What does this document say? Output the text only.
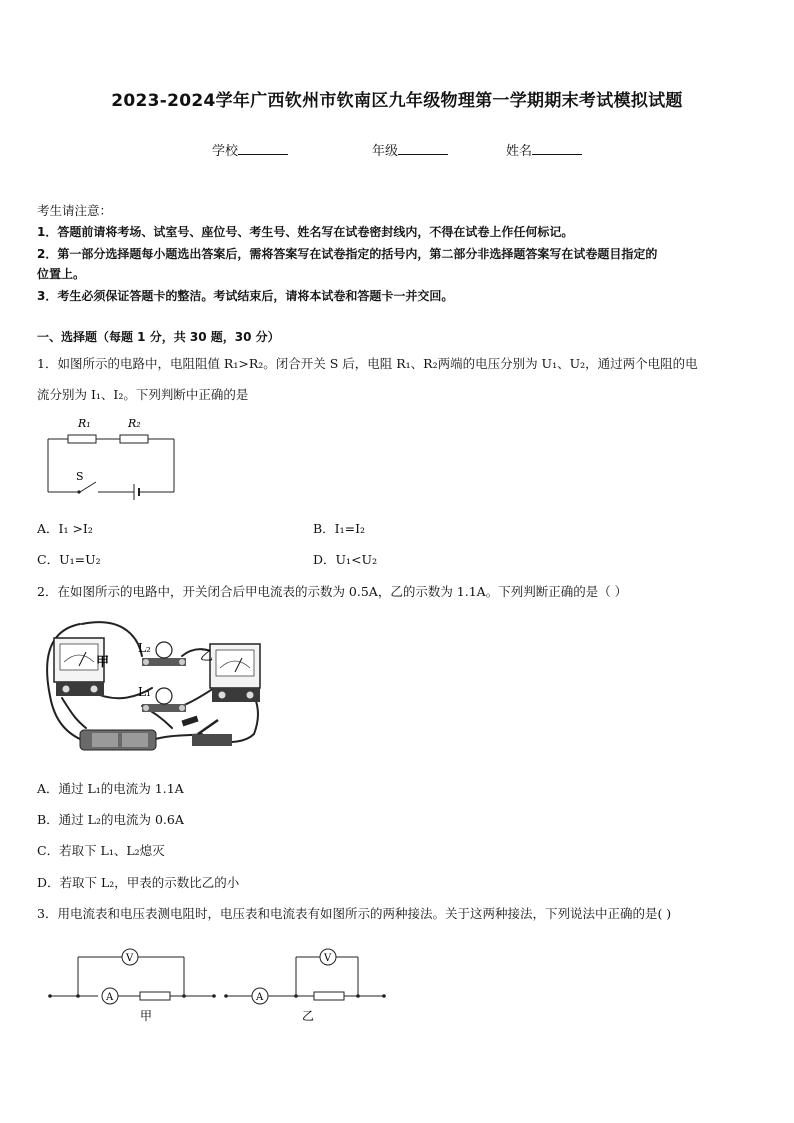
2023-2024学年广西钦州市钦南区九年级物理第一学期期末考试模拟试题
学校	年级	姓名
考生请注意：
1．答题前请将考场、试室号、座位号、考生号、姓名写在试卷密封线内，不得在试卷上作任何标记。
2．第一部分选择题每小题选出答案后，需将答案写在试卷指定的括号内，第二部分非选择题答案写在试卷题目指定的
位置上。
3．考生必须保证答题卡的整洁。考试结束后，请将本试卷和答题卡一并交回。
一、选择题（每题 1 分，共 30 题，30 分）
1．如图所示的电路中，电阻阻值 R₁>R₂。闭合开关 S 后，电阻 R₁、R₂两端的电压分别为 U₁、U₂，通过两个电阻的电
流分别为 I₁、I₂。下列判断中正确的是
R₁	R₂
S
A．I₁ >I₂	B．I₁=I₂
C．U₁=U₂	D．U₁<U₂
2．在如图所示的电路中，开关闭合后甲电流表的示数为 0.5A，乙的示数为 1.1A。下列判断正确的是（ ）
甲	乙
L₂
L₁
A．通过 L₁的电流为 1.1A
B．通过 L₂的电流为 0.6A
C．若取下 L₁、L₂熄灭
D．若取下 L₂，甲表的示数比乙的小
3．用电流表和电压表测电阻时，电压表和电流表有如图所示的两种接法。关于这两种接法，下列说法中正确的是( )
V
A
甲
V
A
乙
